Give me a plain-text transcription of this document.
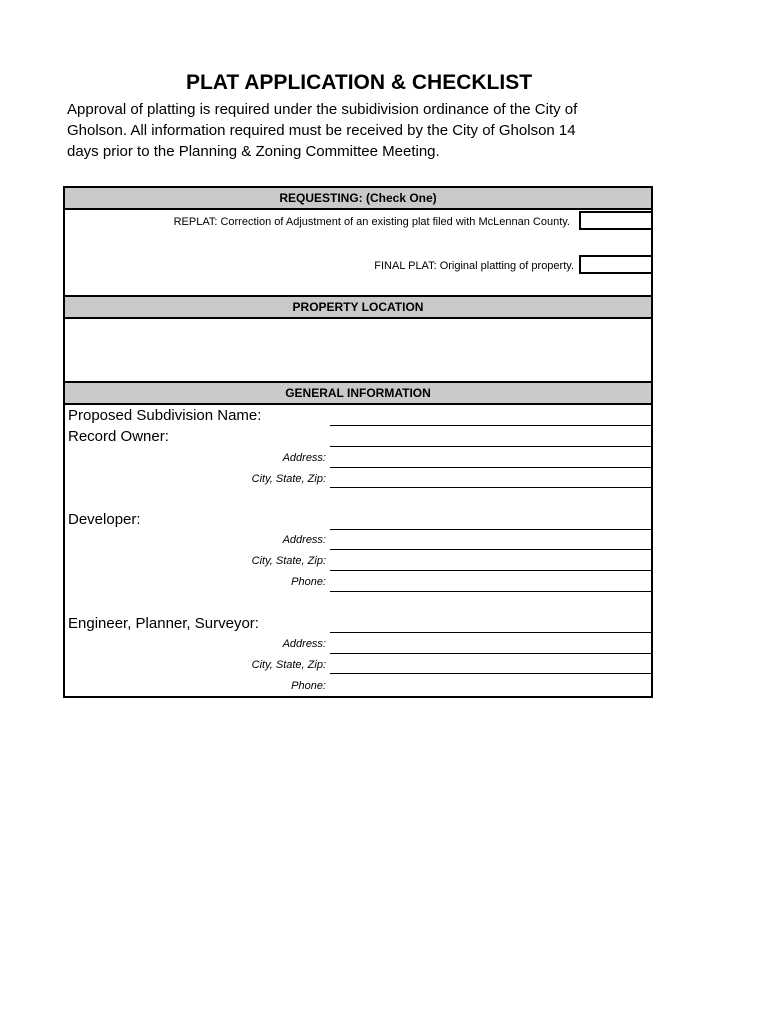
PLAT APPLICATION & CHECKLIST
Approval of platting is required under the subidivision ordinance of the City of
Gholson. All information required must be received by the City of Gholson 14
days prior to the Planning & Zoning Committee Meeting.
REQUESTING: (Check One)
REPLAT: Correction of Adjustment of an existing plat filed with McLennan County.
FINAL PLAT: Original platting of property.
PROPERTY LOCATION
GENERAL INFORMATION
Proposed Subdivision Name:
Record Owner:
Address:
City, State, Zip:
Developer:
Address:
City, State, Zip:
Phone:
Engineer, Planner, Surveyor:
Address:
City, State, Zip:
Phone:
